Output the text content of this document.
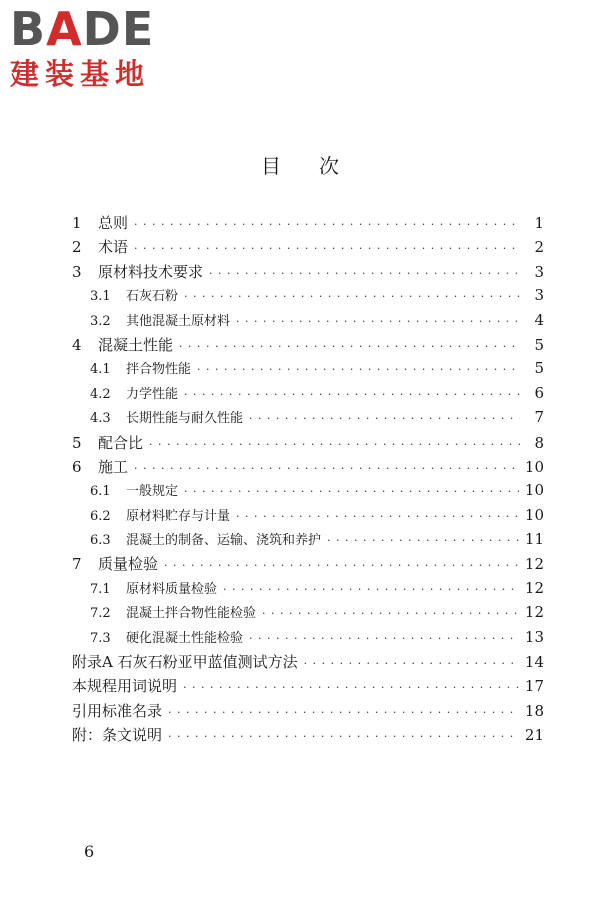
BADE
建装基地
目次
1	总则 · · ·	1
2	术语 · · ·	2
3	原材料技术要求 · · ·	3
3.1	石灰石粉 · · ·	3
3.2	其他混凝土原材料 · · ·	4
4	混凝土性能 · · ·	5
4.1	拌合物性能 · · ·	5
4.2	力学性能 · · ·	6
4.3	长期性能与耐久性能 · · ·	7
5	配合比 · · ·	8
6	施工 · · ·	10
6.1	一般规定 · · ·	10
6.2	原材料贮存与计量 · · ·	10
6.3	混凝土的制备、运输、浇筑和养护 · · ·	11
7	质量检验 · · ·	12
7.1	原材料质量检验 · · ·	12
7.2	混凝土拌合物性能检验 · · ·	12
7.3	硬化混凝土性能检验 · · ·	13
附录A 石灰石粉亚甲蓝值测试方法 · · ·	14
本规程用词说明 · · ·	17
引用标准名录 · · ·	18
附：条文说明 · · ·	21
6
